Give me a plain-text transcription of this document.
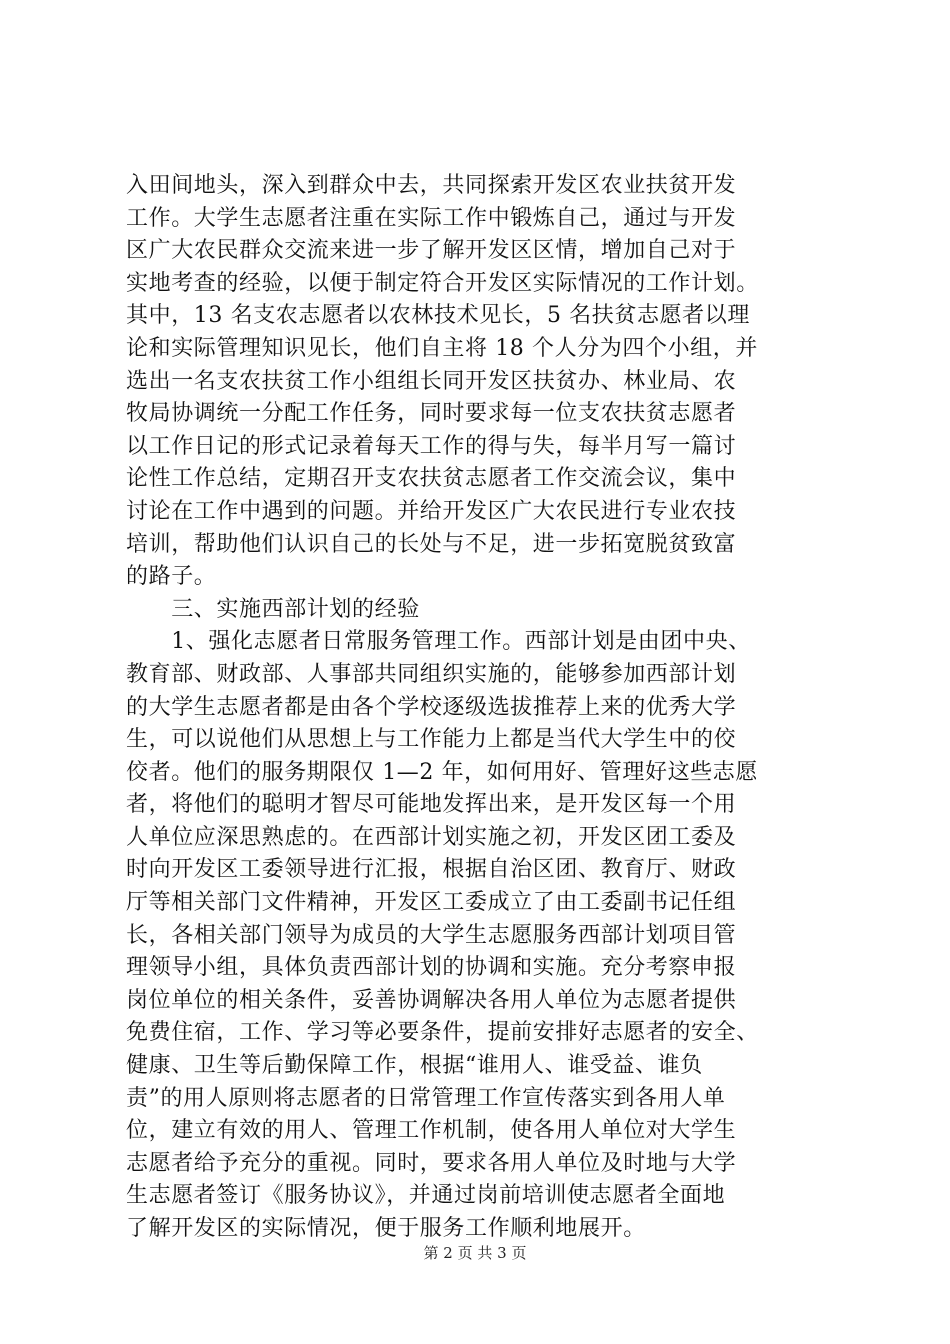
入田间地头，深入到群众中去，共同探索开发区农业扶贫开发
工作。大学生志愿者注重在实际工作中锻炼自己，通过与开发
区广大农民群众交流来进一步了解开发区区情，增加自己对于
实地考查的经验，以便于制定符合开发区实际情况的工作计划。
其中，13 名支农志愿者以农林技术见长，5 名扶贫志愿者以理
论和实际管理知识见长，他们自主将 18 个人分为四个小组，并
选出一名支农扶贫工作小组组长同开发区扶贫办、林业局、农
牧局协调统一分配工作任务，同时要求每一位支农扶贫志愿者
以工作日记的形式记录着每天工作的得与失，每半月写一篇讨
论性工作总结，定期召开支农扶贫志愿者工作交流会议，集中
讨论在工作中遇到的问题。并给开发区广大农民进行专业农技
培训，帮助他们认识自己的长处与不足，进一步拓宽脱贫致富
的路子。
　　三、实施西部计划的经验
　　1、强化志愿者日常服务管理工作。西部计划是由团中央、
教育部、财政部、人事部共同组织实施的，能够参加西部计划
的大学生志愿者都是由各个学校逐级选拔推荐上来的优秀大学
生，可以说他们从思想上与工作能力上都是当代大学生中的佼
佼者。他们的服务期限仅 1—2 年，如何用好、管理好这些志愿
者，将他们的聪明才智尽可能地发挥出来，是开发区每一个用
人单位应深思熟虑的。在西部计划实施之初，开发区团工委及
时向开发区工委领导进行汇报，根据自治区团、教育厅、财政
厅等相关部门文件精神，开发区工委成立了由工委副书记任组
长，各相关部门领导为成员的大学生志愿服务西部计划项目管
理领导小组，具体负责西部计划的协调和实施。充分考察申报
岗位单位的相关条件，妥善协调解决各用人单位为志愿者提供
免费住宿，工作、学习等必要条件，提前安排好志愿者的安全、
健康、卫生等后勤保障工作，根据“谁用人、谁受益、谁负
责”的用人原则将志愿者的日常管理工作宣传落实到各用人单
位，建立有效的用人、管理工作机制，使各用人单位对大学生
志愿者给予充分的重视。同时，要求各用人单位及时地与大学
生志愿者签订《服务协议》，并通过岗前培训使志愿者全面地
了解开发区的实际情况，便于服务工作顺利地展开。
第 2 页 共 3 页
